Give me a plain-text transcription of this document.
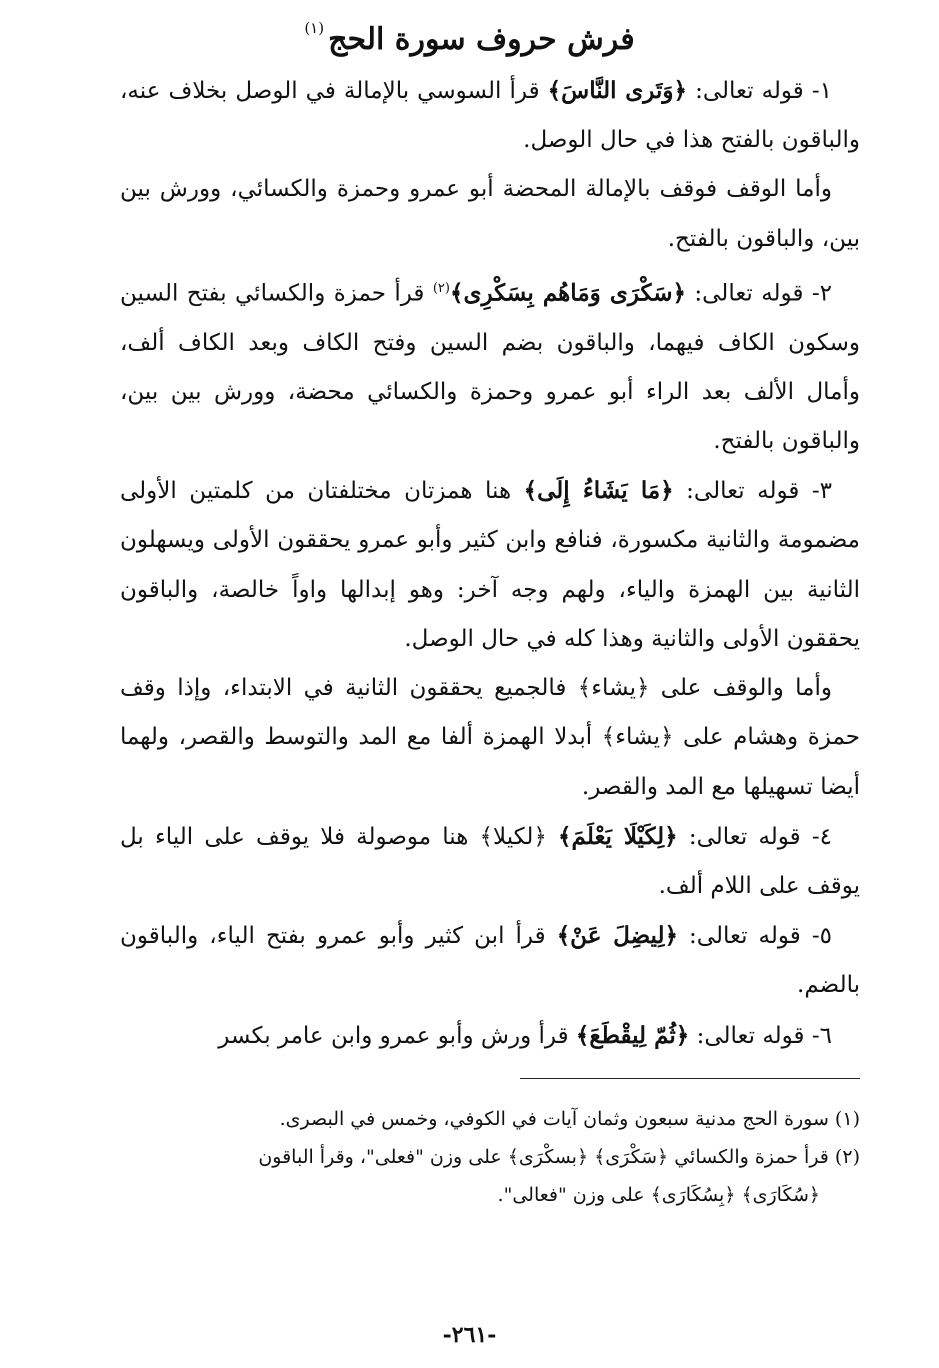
فرش حروف سورة الحج$^{(١)}$

١- قوله تعالى: ﴿وَتَرى النَّاسَ﴾ قرأ السوسي بالإمالة في الوصل بخلاف عنه، والباقون بالفتح هذا في حال الوصل.

وأما الوقف فوقف بالإمالة المحضة أبو عمرو وحمزة والكسائي، وورش بين بين، والباقون بالفتح.

٢- قوله تعالى: ﴿سَكْرَى وَمَاهُم بِسَكْرِى﴾$^{(٢)}$ قرأ حمزة والكسائي بفتح السين وسكون الكاف فيهما، والباقون بضم السين وفتح الكاف وبعد الكاف ألف، وأمال الألف بعد الراء أبو عمرو وحمزة والكسائي محضة، وورش بين بين، والباقون بالفتح.

٣- قوله تعالى: ﴿مَا يَشَاءُ إِلَى﴾ هنا همزتان مختلفتان من كلمتين الأولى مضمومة والثانية مكسورة، فنافع وابن كثير وأبو عمرو يحققون الأولى ويسهلون الثانية بين الهمزة والياء، ولهم وجه آخر: وهو إبدالها واواً خالصة، والباقون يحققون الأولى والثانية وهذا كله في حال الوصل.

وأما والوقف على ﴿يشاء﴾ فالجميع يحققون الثانية في الابتداء، وإذا وقف حمزة وهشام على ﴿يشاء﴾ أبدلا الهمزة ألفا مع المد والتوسط والقصر، ولهما أيضا تسهيلها مع المد والقصر.

٤- قوله تعالى: ﴿لِكَيْلَا يَعْلَمَ﴾ ﴿لكيلا﴾ هنا موصولة فلا يوقف على الياء بل يوقف على اللام ألف.

٥- قوله تعالى: ﴿لِيضِلَ عَنْ﴾ قرأ ابن كثير وأبو عمرو بفتح الياء، والباقون بالضم.

٦- قوله تعالى: ﴿ثُمّ لِيقْطَعَ﴾ قرأ ورش وأبو عمرو وابن عامر بكسر

(١) سورة الحج مدنية سبعون وثمان آيات في الكوفي، وخمس في البصرى.

(٢) قرأ حمزة والكسائي ﴿سَكْرَى﴾ ﴿بسكْرَى﴾ على وزن "فعلى"، وقرأ الباقون

﴿سُكَارَى﴾ ﴿بِسُكَارَى﴾ على وزن "فعالى".

-٢٦١-
